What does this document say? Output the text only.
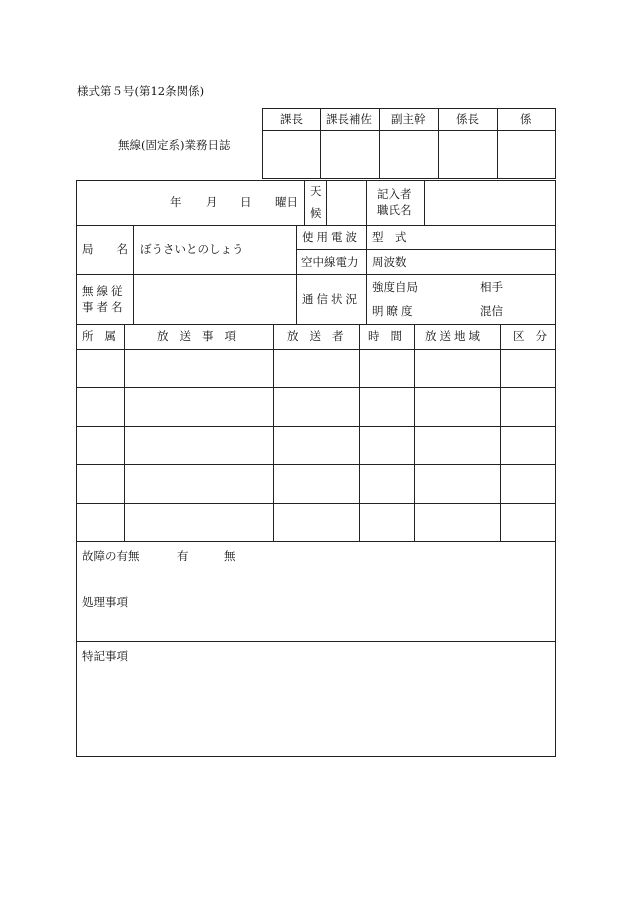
様式第５号(第12条関係)
無線(固定系)業務日誌
課長 課長補佐 副主幹	係長	係
年 月 日 曜日
天
候
記入者
職氏名
局　　名 ぼうさいとのしょう
使用電波 型　式
空中線電力 周波数
無線従
事者名
通信状況
強度自局	相手
明瞭度	混信
所属	放送事項	放送者 時間 放送地域	区分
故障の有無	有	無
処理事項
特記事項
